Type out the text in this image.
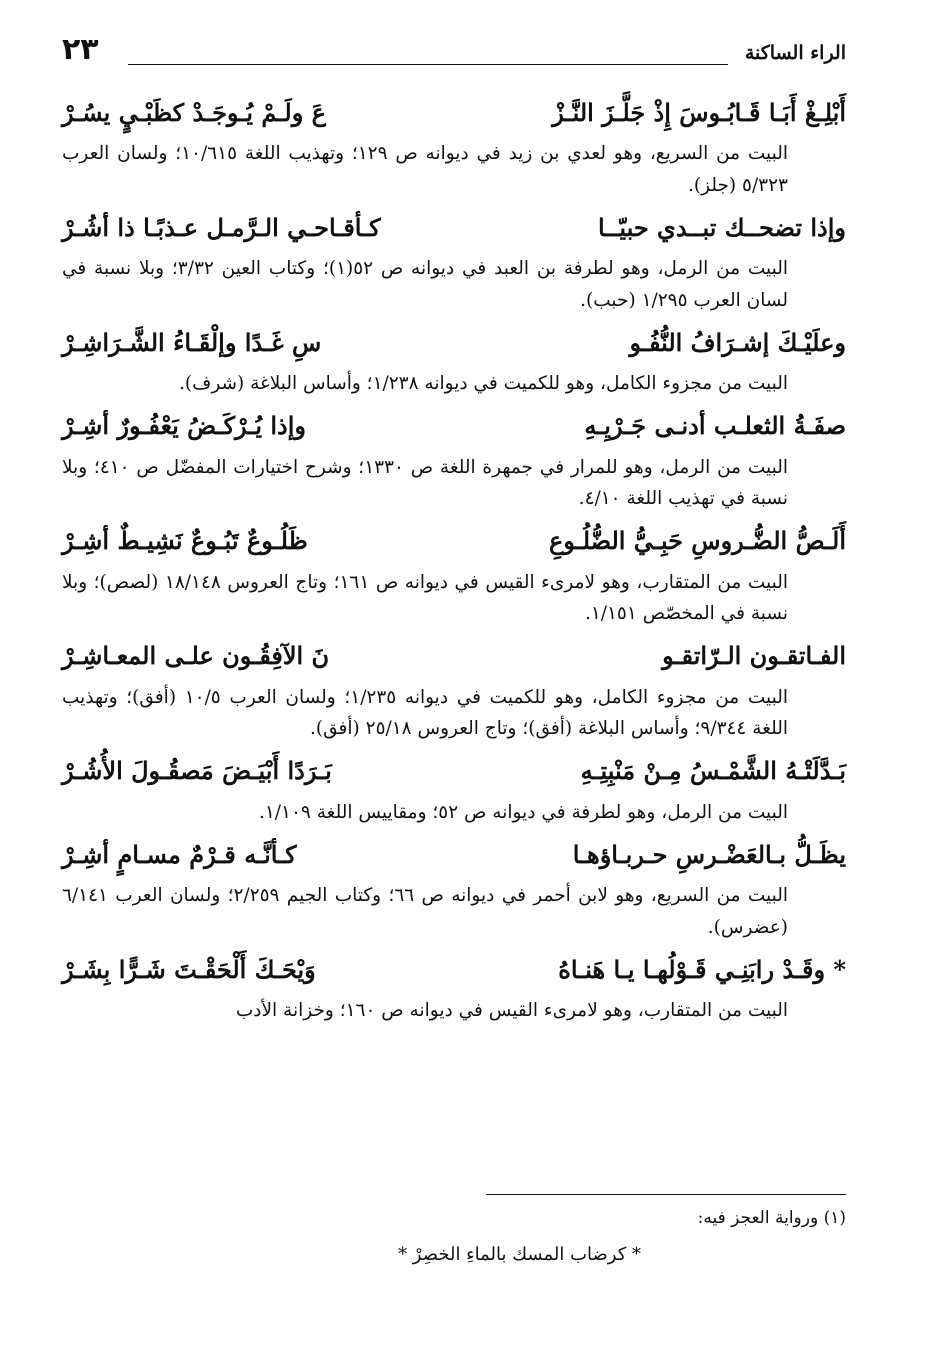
الراء الساكنة
٢٣
أَبْلِـغْ أَبَـا قَـابُـوسَ إِذْ جَلَّـزَ النَّـزْ
عَ ولَـمْ يُـوجَـدْ كظَبْـيٍ يسُـرْ

البيت من السريع، وهو لعدي بن زيد في ديوانه ص ١٢٩؛ وتهذيب اللغة ١٠/٦١٥؛ ولسان العرب ٥/٣٢٣ (جلز).

وإذا تضحــك تبــدي حبيّــا
كـأقـاحـي الـرَّمـل عـذبًـا ذا أشُـرْ

البيت من الرمل، وهو لطرفة بن العبد في ديوانه ص ٥٢(١)؛ وكتاب العين ٣/٣٢؛ وبلا نسبة في لسان العرب ١/٢٩٥ (حبب).

وعلَيْـكَ إشـرَافُ النُّفُـو
سِ غَـدًا وإلْقَـاءُ الشَّـرَاشِـرْ

البيت من مجزوء الكامل، وهو للكميت في ديوانه ١/٢٣٨؛ وأساس البلاغة (شرف).

صفَـةُ الثعلـب أدنـى جَـرْيِـهِ
وإذا يُـرْكَـضُ يَعْفُـورٌ أشِـرْ

البيت من الرمل، وهو للمرار في جمهرة اللغة ص ١٣٣٠؛ وشرح اختيارات المفضّل ص ٤١٠؛ وبلا نسبة في تهذيب اللغة ٤/١٠.

أَلَـصُّ الضُّـروسِ حَبِـيُّ الضُّلُـوعِ
ظَلُـوعٌ تَبُـوعٌ نَشِيـطٌ أشِـرْ

البيت من المتقارب، وهو لامرىء القيس في ديوانه ص ١٦١؛ وتاج العروس ١٨/١٤٨ (لصص)؛ وبلا نسبة في المخصّص ١/١٥١.

الفـاتقـون الـرّاتقـو
نَ الآفِقُـون علـى المعـاشِـرْ

البيت من مجزوء الكامل، وهو للكميت في ديوانه ١/٢٣٥؛ ولسان العرب ١٠/٥ (أفق)؛ وتهذيب اللغة ٩/٣٤٤؛ وأساس البلاغة (أفق)؛ وتاج العروس ٢٥/١٨ (أفق).

بَـدَّلَتْـهُ الشَّمْـسُ مِـنْ مَنْبِتِـهِ
بَـرَدًا أَبْيَـضَ مَصقُـولَ الأُشُـرْ

البيت من الرمل، وهو لطرفة في ديوانه ص ٥٢؛ ومقاييس اللغة ١/١٠٩.

يظَـلُّ بـالعَضْـرسِ حـربـاؤهـا
كـأنَّـه قـرْمٌ مسـامٍ أشِـرْ

البيت من السريع، وهو لابن أحمر في ديوانه ص ٦٦؛ وكتاب الجيم ٢/٢٥٩؛ ولسان العرب ٦/١٤١ (عضرس).

* وقَـدْ رابَنِـي قَـوْلُهـا يـا هَنـاهُ
وَيْحَـكَ أَلْحَقْـتَ شَـرًّا بِشَـرْ

البيت من المتقارب، وهو لامرىء القيس في ديوانه ص ١٦٠؛ وخزانة الأدب

(١) ورواية العجز فيه:
* كرضاب المسك بالماءِ الخصِرْ *
